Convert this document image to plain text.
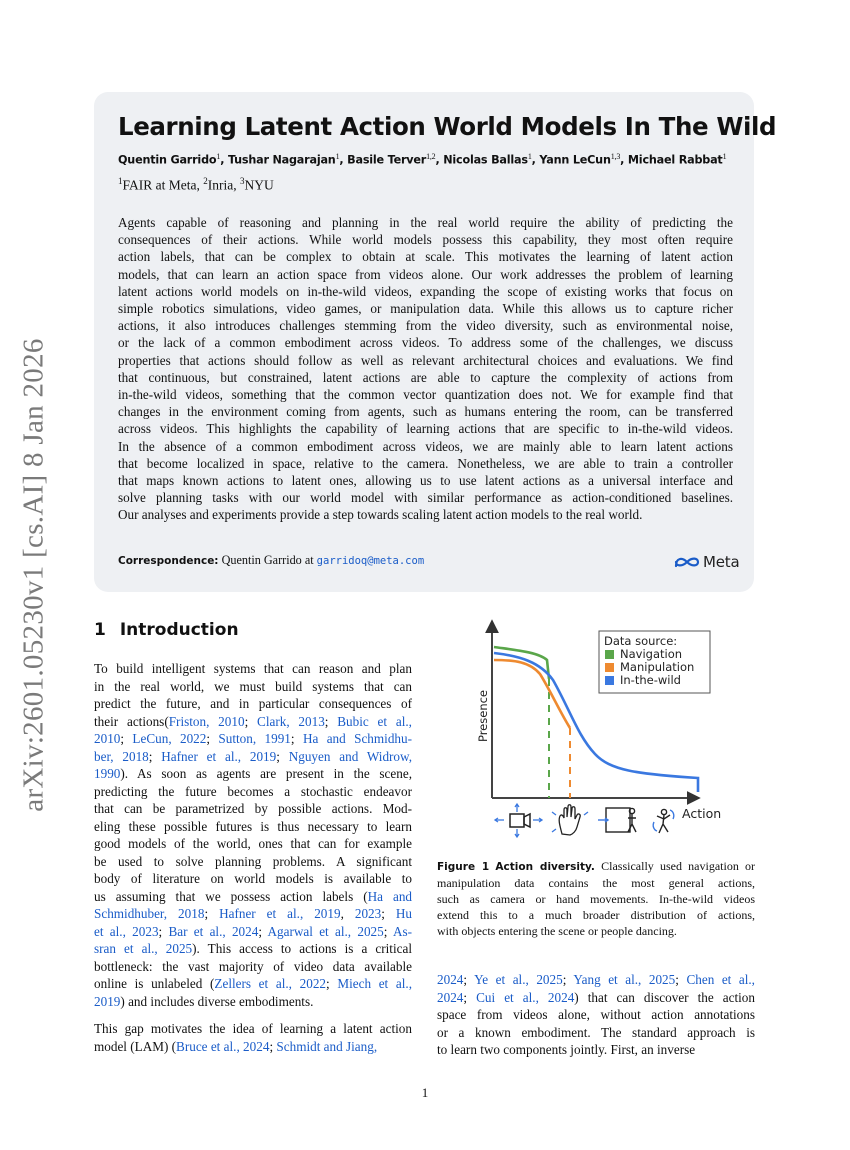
arXiv:2601.05230v1 [cs.AI] 8 Jan 2026
Learning Latent Action World Models In The Wild
Quentin Garrido$^1$, Tushar Nagarajan$^1$, Basile Terver$^{1,2}$, Nicolas Ballas$^1$, Yann LeCun$^{1,3}$, Michael Rabbat$^1$
$^1$FAIR at Meta, $^2$Inria, $^3$NYU
Agents capable of reasoning and planning in the real world require the ability of predicting the
consequences of their actions. While world models possess this capability, they most often require
action labels, that can be complex to obtain at scale. This motivates the learning of latent action
models, that can learn an action space from videos alone. Our work addresses the problem of learning
latent actions world models on in-the-wild videos, expanding the scope of existing works that focus on
simple robotics simulations, video games, or manipulation data. While this allows us to capture richer
actions, it also introduces challenges stemming from the video diversity, such as environmental noise,
or the lack of a common embodiment across videos. To address some of the challenges, we discuss
properties that actions should follow as well as relevant architectural choices and evaluations. We find
that continuous, but constrained, latent actions are able to capture the complexity of actions from
in-the-wild videos, something that the common vector quantization does not. We for example find that
changes in the environment coming from agents, such as humans entering the room, can be transferred
across videos. This highlights the capability of learning actions that are specific to in-the-wild videos.
In the absence of a common embodiment across videos, we are mainly able to learn latent actions
that become localized in space, relative to the camera. Nonetheless, we are able to train a controller
that maps known actions to latent ones, allowing us to use latent actions as a universal interface and
solve planning tasks with our world model with similar performance as action-conditioned baselines.
Our analyses and experiments provide a step towards scaling latent action models to the real world.
Correspondence: Quentin Garrido at garridoq@meta.com	Meta
1 Introduction
To build intelligent systems that can reason and plan
in the real world, we must build systems that can
predict the future, and in particular consequences of
their actions(Friston, 2010; Clark, 2013; Bubic et al.,
2010; LeCun, 2022; Sutton, 1991; Ha and Schmidhu-
ber, 2018; Hafner et al., 2019; Nguyen and Widrow,
1990). As soon as agents are present in the scene,
predicting the future becomes a stochastic endeavor
that can be parametrized by possible actions. Mod-
eling these possible futures is thus necessary to learn
good models of the world, ones that can for example
be used to solve planning problems. A significant
body of literature on world models is available to
us assuming that we possess action labels (Ha and
Schmidhuber, 2018; Hafner et al., 2019, 2023; Hu
et al., 2023; Bar et al., 2024; Agarwal et al., 2025; As-
sran et al., 2025). This access to actions is a critical
bottleneck: the vast majority of video data available
online is unlabeled (Zellers et al., 2022; Miech et al.,
2019) and includes diverse embodiments.
This gap motivates the idea of learning a latent action
model (LAM) (Bruce et al., 2024; Schmidt and Jiang,
Presence
Action
Data source:
Navigation
Manipulation
In-the-wild
Figure 1 Action diversity. Classically used navigation or
manipulation data contains the most general actions,
such as camera or hand movements. In-the-wild videos
extend this to a much broader distribution of actions,
with objects entering the scene or people dancing.
2024; Ye et al., 2025; Yang et al., 2025; Chen et al.,
2024; Cui et al., 2024) that can discover the action
space from videos alone, without action annotations
or a known embodiment. The standard approach is
to learn two components jointly. First, an inverse
1
